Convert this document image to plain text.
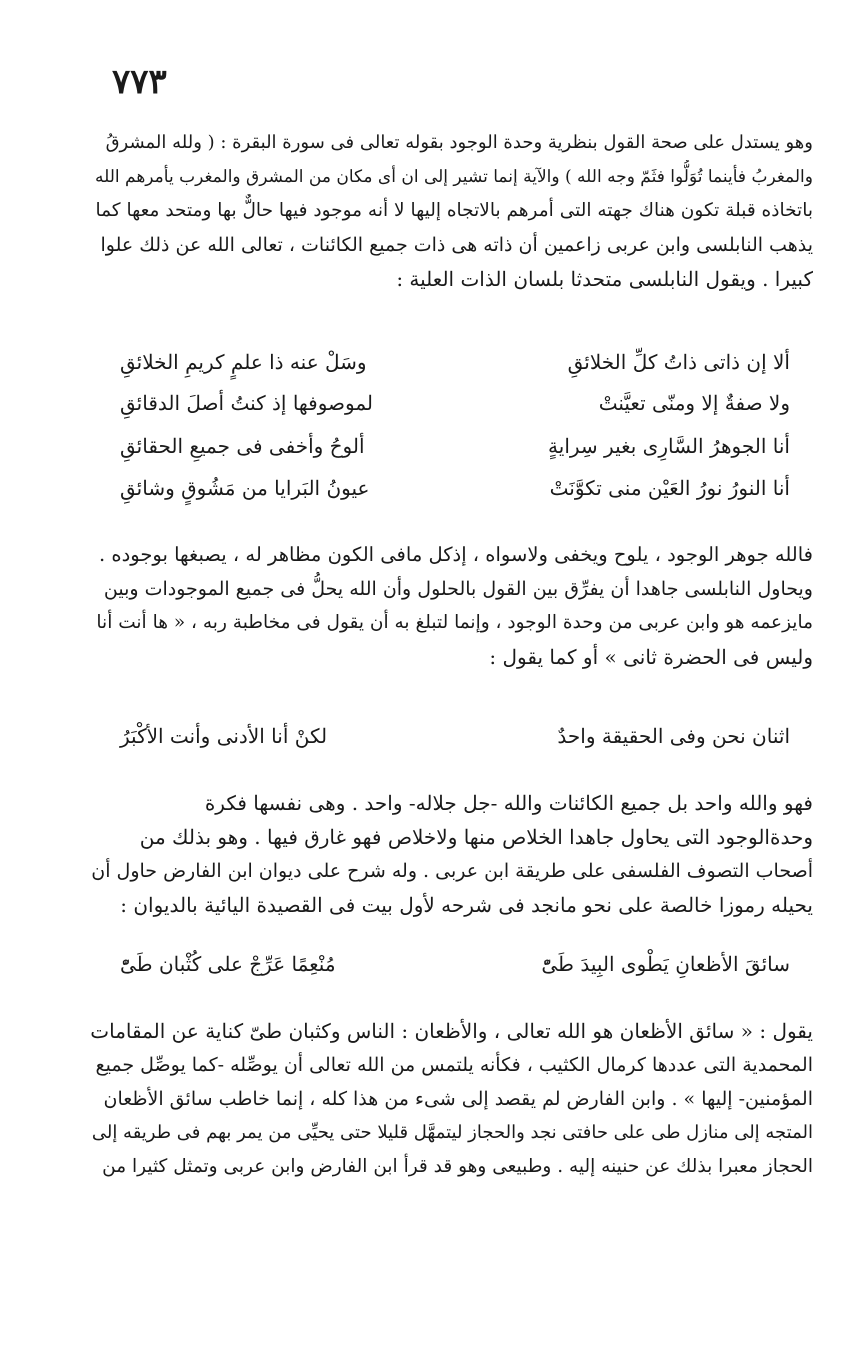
٧٧٣
وهو يستدل على صحة القول بنظرية وحدة الوجود بقوله تعالى فى سورة البقرة : ( ولله المشرقُ
والمغربُ فأينما تُوَلُّوا فثَمّ وجه الله ) والآية إنما تشير إلى ان أى مكان من المشرق والمغرب يأمرهم الله
باتخاذه قبلة تكون هناك جهته التى أمرهم بالاتجاه إليها لا أنه موجود فيها حالٌّ بها ومتحد معها كما
يذهب النابلسى وابن عربى زاعمين أن ذاته هى ذات جميع الكائنات ، تعالى الله عن ذلك علوا
كبيرا . ويقول النابلسى متحدثا بلسان الذات العلية :
ألا إن ذاتى ذاتُ كلِّ الخلائقِ
وسَلْ عنه ذا علمٍ كريمِ الخلائقِ
ولا صفةٌ إلا ومنّى تعيَّنتْ
لموصوفها إذ كنتُ أصلَ الدقائقِ
أنا الجوهرُ السَّارِى بغير سِرايةٍ
ألوحُ وأخفى فى جميعِ الحقائقِ
أنا النورُ نورُ العَيْن منى تكوَّنَتْ
عيونُ البَرايا من مَشُوقٍ وشائقِ
فالله جوهر الوجود ، يلوح ويخفى ولاسواه ، إذكل مافى الكون مظاهر له ، يصبغها بوجوده .
ويحاول النابلسى جاهدا أن يفرِّق بين القول بالحلول وأن الله يحلُّ فى جميع الموجودات وبين
مايزعمه هو وابن عربى من وحدة الوجود ، وإنما لتبلغ به أن يقول فى مخاطبة ربه ، « ها أنت أنا
وليس فى الحضرة ثانى » أو كما يقول :
اثنان نحن وفى الحقيقة واحدٌ
لكنْ أنا الأدنى وأنت الأكْبَرُ
فهو والله واحد بل جميع الكائنات والله -جل جلاله- واحد . وهى نفسها فكرة
وحدةالوجود التى يحاول جاهدا الخلاص منها ولاخلاص فهو غارق فيها . وهو بذلك من
أصحاب التصوف الفلسفى على طريقة ابن عربى . وله شرح على ديوان ابن الفارض حاول أن
يحيله رموزا خالصة على نحو مانجد فى شرحه لأول بيت فى القصيدة اليائية بالديوان :
سائقَ الأظعانِ يَطْوى البِيدَ طَىّْ
مُنْعِمًا عَرِّجْ على كُثْبان طَىّْ
يقول : « سائق الأظعان هو الله تعالى ، والأظعان : الناس وكثبان طىّ كناية عن المقامات
المحمدية التى عددها كرمال الكثيب ، فكأنه يلتمس من الله تعالى أن يوصِّله -كما يوصِّل جميع
المؤمنين- إليها » . وابن الفارض لم يقصد إلى شىء من هذا كله ، إنما خاطب سائق الأظعان
المتجه إلى منازل طى على حافتى نجد والحجاز ليتمهَّل قليلا حتى يحيِّى من يمر بهم فى طريقه إلى
الحجاز معبرا بذلك عن حنينه إليه . وطبيعى وهو قد قرأ ابن الفارض وابن عربى وتمثل كثيرا من
